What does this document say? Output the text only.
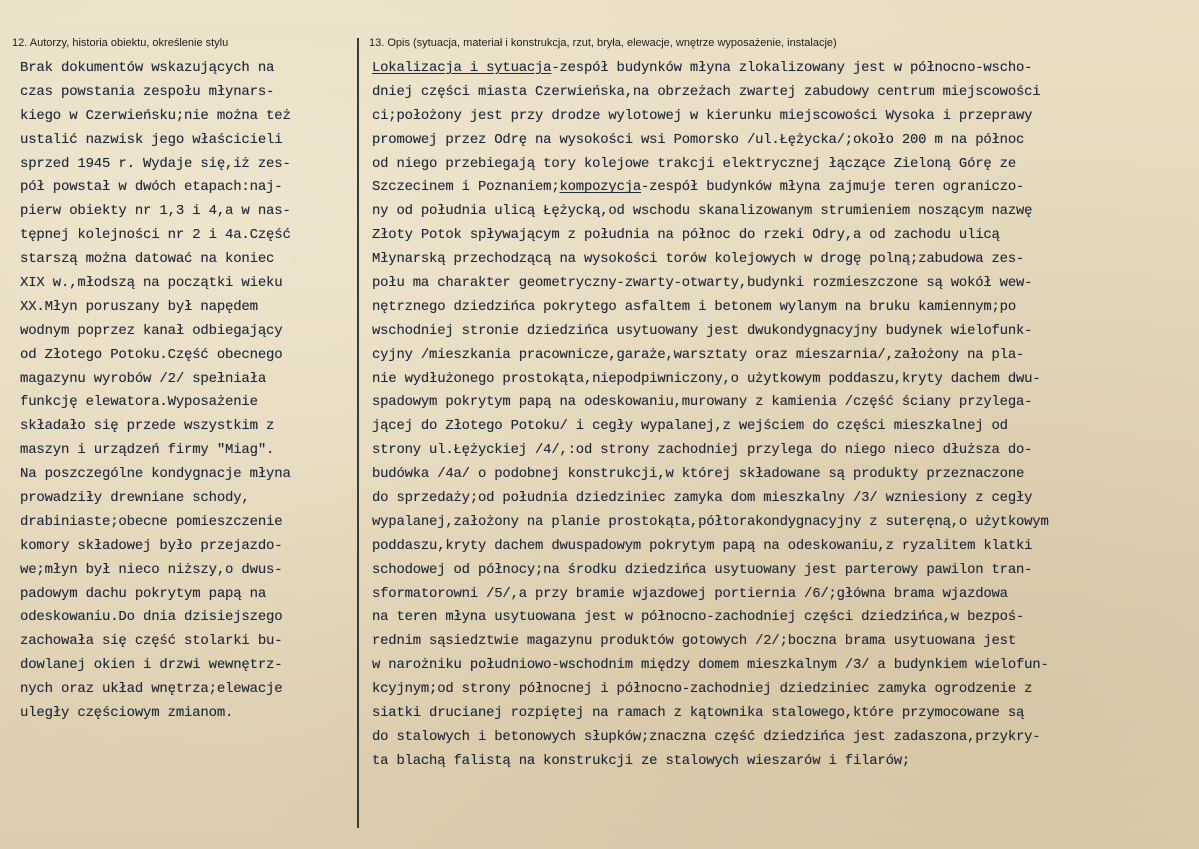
12. Autorzy, historia obiektu, określenie stylu	13. Opis (sytuacja, materiał i konstrukcja, rzut, bryła, elewacje, wnętrze wyposażenie, instalacje)
Brak dokumentów wskazujących na
czas powstania zespołu młynars-
kiego w Czerwieńsku;nie można też
ustalić nazwisk jego właścicieli
sprzed 1945 r. Wydaje się,iż zes-
pół powstał w dwóch etapach:naj-
pierw obiekty nr 1,3 i 4,a w nas-
tępnej kolejności nr 2 i 4a.Część
starszą można datować na koniec
XIX w.,młodszą na początki wieku
XX.Młyn poruszany był napędem
wodnym poprzez kanał odbiegający
od Złotego Potoku.Część obecnego
magazynu wyrobów /2/ spełniała
funkcję elewatora.Wyposażenie
składało się przede wszystkim z
maszyn i urządzeń firmy "Miag".
Na poszczególne kondygnacje młyna
prowadziły drewniane schody,
drabiniaste;obecne pomieszczenie
komory składowej było przejazdo-
we;młyn był nieco niższy,o dwus-
padowym dachu pokrytym papą na
odeskowaniu.Do dnia dzisiejszego
zachowała się część stolarki bu-
dowlanej okien i drzwi wewnętrz-
nych oraz układ wnętrza;elewacje
uległy częściowym zmianom.
Lokalizacja i sytuacja-zespół budynków młyna zlokalizowany jest w północno-wscho-
dniej części miasta Czerwieńska,na obrzeżach zwartej zabudowy centrum miejscowości
ci;położony jest przy drodze wylotowej w kierunku miejscowości Wysoka i przeprawy
promowej przez Odrę na wysokości wsi Pomorsko /ul.Łężycka/;około 200 m na północ
od niego przebiegają tory kolejowe trakcji elektrycznej łączące Zieloną Górę ze
Szczecinem i Poznaniem;kompozycja-zespół budynków młyna zajmuje teren ograniczo-
ny od południa ulicą Łężycką,od wschodu skanalizowanym strumieniem noszącym nazwę
Złoty Potok spływającym z południa na północ do rzeki Odry,a od zachodu ulicą
Młynarską przechodzącą na wysokości torów kolejowych w drogę polną;zabudowa zes-
połu ma charakter geometryczny-zwarty-otwarty,budynki rozmieszczone są wokół wew-
nętrznego dziedzińca pokrytego asfaltem i betonem wylanym na bruku kamiennym;po
wschodniej stronie dziedzińca usytuowany jest dwukondygnacyjny budynek wielofunk-
cyjny /mieszkania pracownicze,garaże,warsztaty oraz mieszarnia/,założony na pla-
nie wydłużonego prostokąta,niepodpiwniczony,o użytkowym poddaszu,kryty dachem dwu-
spadowym pokrytym papą na odeskowaniu,murowany z kamienia /część ściany przylega-
jącej do Złotego Potoku/ i cegły wypalanej,z wejściem do części mieszkalnej od
strony ul.Łężyckiej /4/,:od strony zachodniej przylega do niego nieco dłuższa do-
budówka /4a/ o podobnej konstrukcji,w której składowane są produkty przeznaczone
do sprzedaży;od południa dziedziniec zamyka dom mieszkalny /3/ wzniesiony z cegły
wypalanej,założony na planie prostokąta,półtorakondygnacyjny z suteręną,o użytkowym
poddaszu,kryty dachem dwuspadowym pokrytym papą na odeskowaniu,z ryzalitem klatki
schodowej od północy;na środku dziedzińca usytuowany jest parterowy pawilon tran-
sformatorowni /5/,a przy bramie wjazdowej portiernia /6/;główna brama wjazdowa
na teren młyna usytuowana jest w północno-zachodniej części dziedzińca,w bezpoś-
rednim sąsiedztwie magazynu produktów gotowych /2/;boczna brama usytuowana jest
w narożniku południowo-wschodnim między domem mieszkalnym /3/ a budynkiem wielofun-
kcyjnym;od strony północnej i północno-zachodniej dziedziniec zamyka ogrodzenie z
siatki drucianej rozpiętej na ramach z kątownika stalowego,które przymocowane są
do stalowych i betonowych słupków;znaczna część dziedzińca jest zadaszona,przykry-
ta blachą falistą na konstrukcji ze stalowych wieszarów i filarów;
